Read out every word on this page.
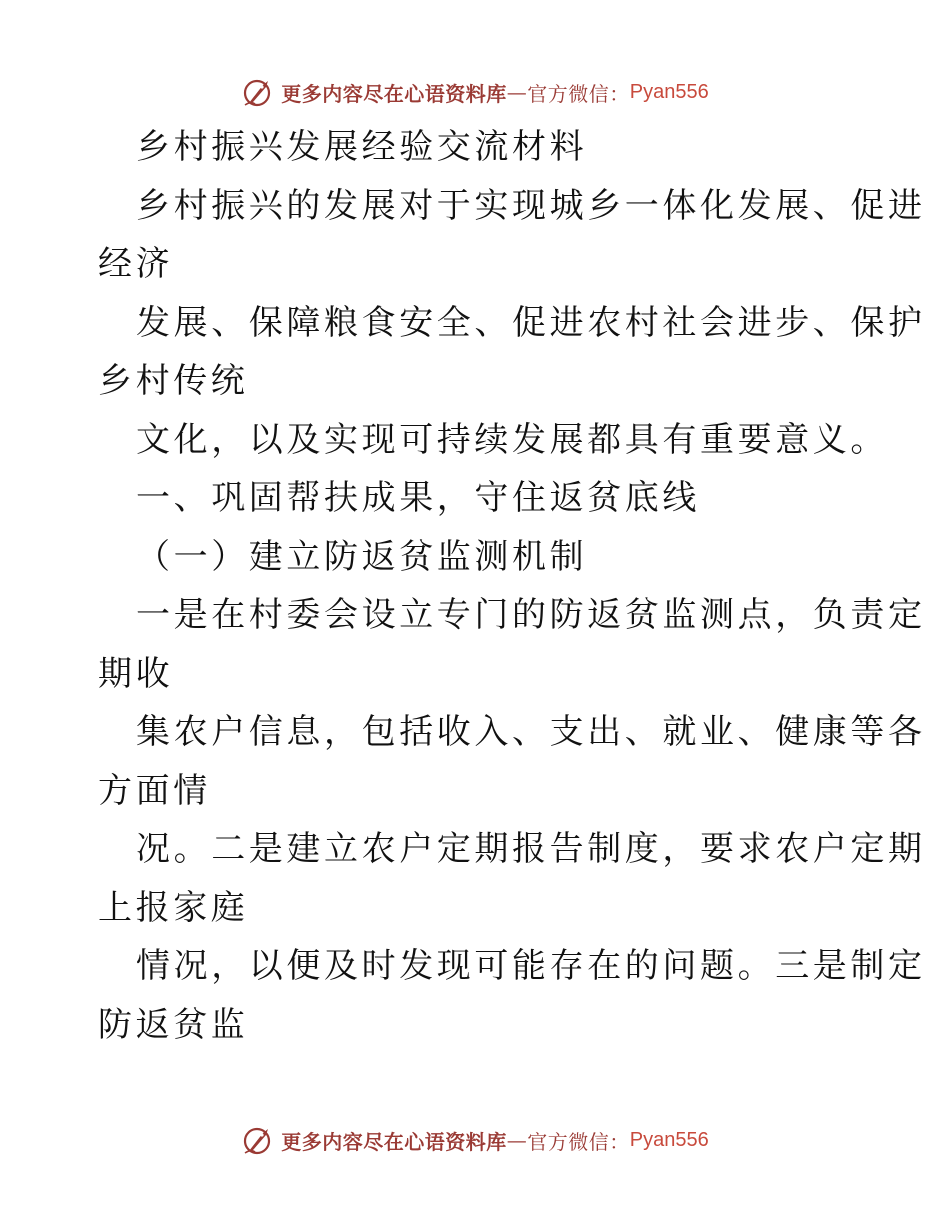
更多内容尽在心语资料库 — 官方微信： Pyan556
乡村振兴发展经验交流材料
乡村振兴的发展对于实现城乡一体化发展、促进
经济
发展、保障粮食安全、促进农村社会进步、保护
乡村传统
文化，以及实现可持续发展都具有重要意义。
一、巩固帮扶成果，守住返贫底线
（一）建立防返贫监测机制
一是在村委会设立专门的防返贫监测点，负责定
期收
集农户信息，包括收入、支出、就业、健康等各
方面情
况。二是建立农户定期报告制度，要求农户定期
上报家庭
情况，以便及时发现可能存在的问题。三是制定
防返贫监
更多内容尽在心语资料库 — 官方微信： Pyan556
